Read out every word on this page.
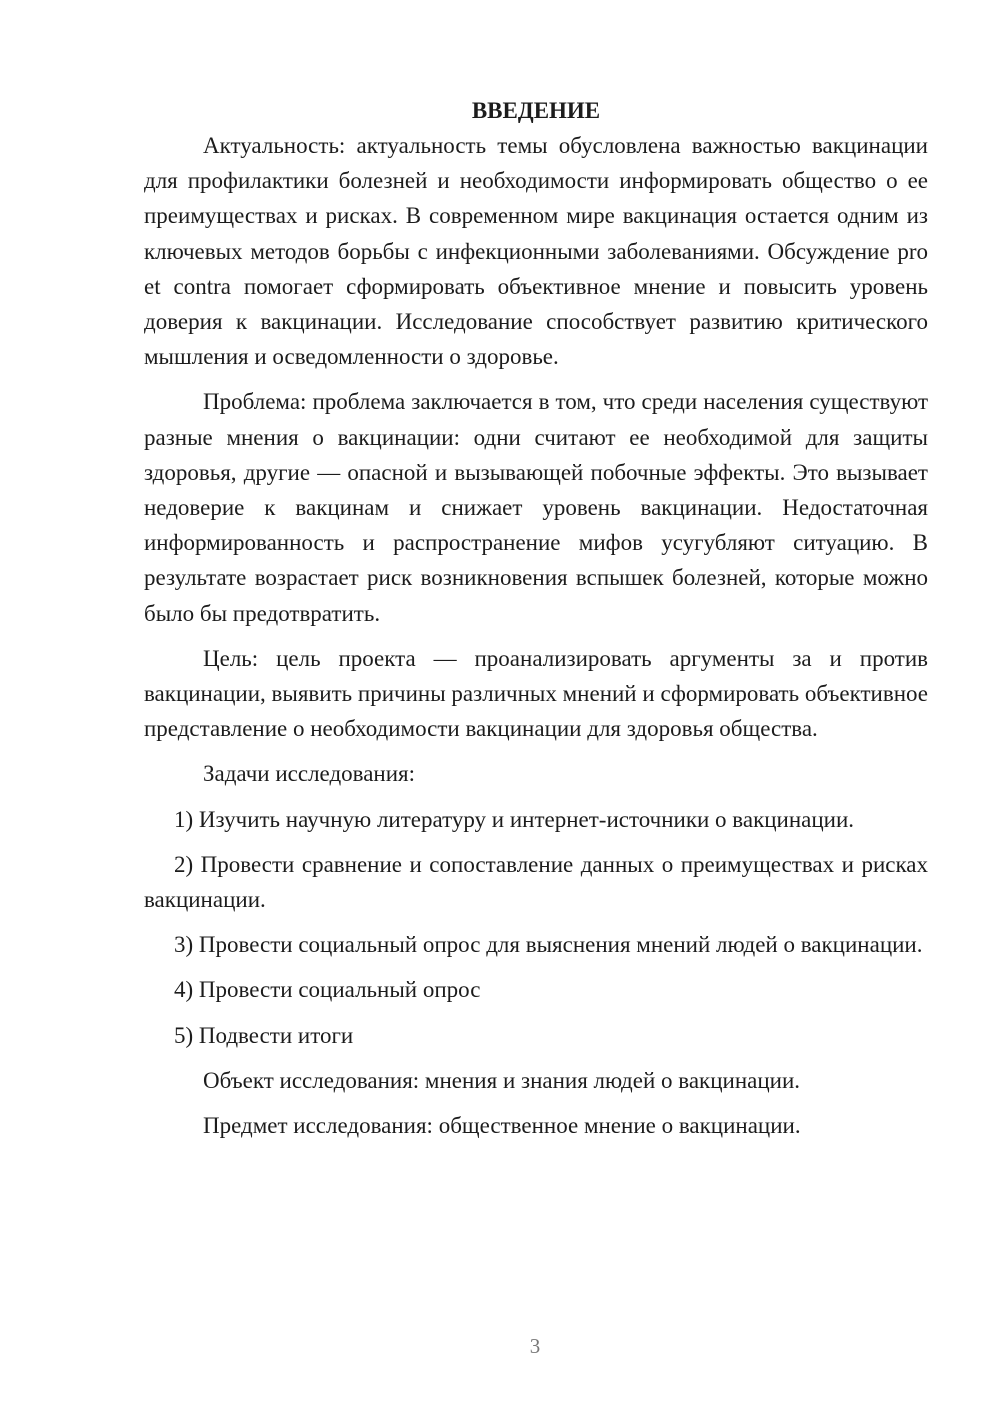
ВВЕДЕНИЕ

Актуальность: актуальность темы обусловлена важностью вакцинации для профилактики болезней и необходимости информировать общество о ее преимуществах и рисках. В современном мире вакцинация остается одним из ключевых методов борьбы с инфекционными заболеваниями. Обсуждение pro et contra помогает сформировать объективное мнение и повысить уровень доверия к вакцинации. Исследование способствует развитию критического мышления и осведомленности о здоровье.

Проблема: проблема заключается в том, что среди населения существуют разные мнения о вакцинации: одни считают ее необходимой для защиты здоровья, другие — опасной и вызывающей побочные эффекты. Это вызывает недоверие к вакцинам и снижает уровень вакцинации. Недостаточная информированность и распространение мифов усугубляют ситуацию. В результате возрастает риск возникновения вспышек болезней, которые можно было бы предотвратить.

Цель: цель проекта — проанализировать аргументы за и против вакцинации, выявить причины различных мнений и сформировать объективное представление о необходимости вакцинации для здоровья общества.

Задачи исследования:

1) Изучить научную литературу и интернет-источники о вакцинации.

2) Провести сравнение и сопоставление данных о преимуществах и рисках вакцинации.

3) Провести социальный опрос для выяснения мнений людей о вакцинации.

4) Провести социальный опрос

5) Подвести итоги

Объект исследования: мнения и знания людей о вакцинации.

Предмет исследования: общественное мнение о вакцинации.

3
